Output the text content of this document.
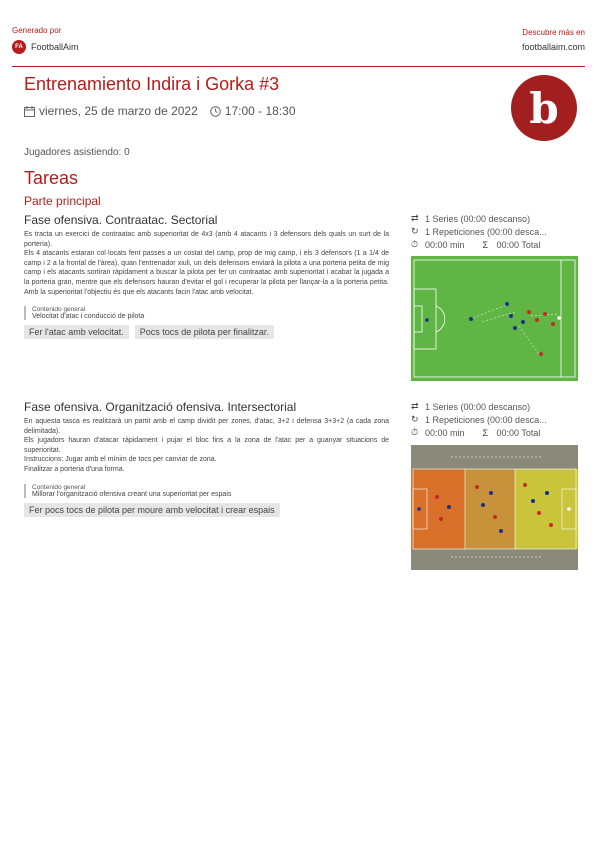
Generado por
FA FootballAim
Descubre más en
footballaim.com
Entrenamiento Indira i Gorka #3
viernes, 25 de marzo de 2022 17:00 - 18:30	b
Jugadores asistiendo: 0
Tareas
Parte principal
Fase ofensiva. Contraatac. Sectorial
Es tracta un exercici de contraatac amb superioritat de 4x3 (amb 4 atacants i 3 defensors dels quals un surt de la porteria).
Els 4 atacants estaran col·locats fent passes a un costat del camp, prop de mig camp, i els 3 defensors (1 a 1/4 de camp i 2 a la frontal de l'àrea), quan l'entrenador xiuli, un dels defensors enviarà la pilota a una porteria petita de mig camp i els atacants sortiran ràpidament a buscar la pilota per fer un contraatac amb superioritat i acabar la jugada a la porteria gran, mentre que els defensors hauran d'evitar el gol i recuperar la pilota per llançar-la a la porteria petita. Amb la superioritat l'objectiu és que els atacants facin l'atac amb velocitat.
Contenido general
Velocitat d'atac i conducció de pilota
Fer l'atac amb velocitat.	Pocs tocs de pilota per finalitzar.
⇄ 1 Series (00:00 descanso)
↻ 1 Repeticiones (00:00 desca...
⏱ 00:00 min Σ 00:00 Total
Fase ofensiva. Organització ofensiva. Intersectorial
En aquesta tasca es realitzarà un partit amb el camp dividit per zones, d'atac, 3+2 i defensa 3+3+2 (a cada zona delimitada).
Els jugadors hauran d'atacar ràpidament i pujar el bloc fins a la zona de l'atac per a guanyar situacions de superioritat.
Instruccions: Jugar amb el mínim de tocs per canviar de zona.
Finalitzar a porteria d'una forma.
Contenido general
Millorar l'organització ofensiva creant una superioritat per espais
Fer pocs tocs de pilota per moure amb velocitat i crear espais
⇄ 1 Series (00:00 descanso)
↻ 1 Repeticiones (00:00 desca...
⏱ 00:00 min Σ 00:00 Total
